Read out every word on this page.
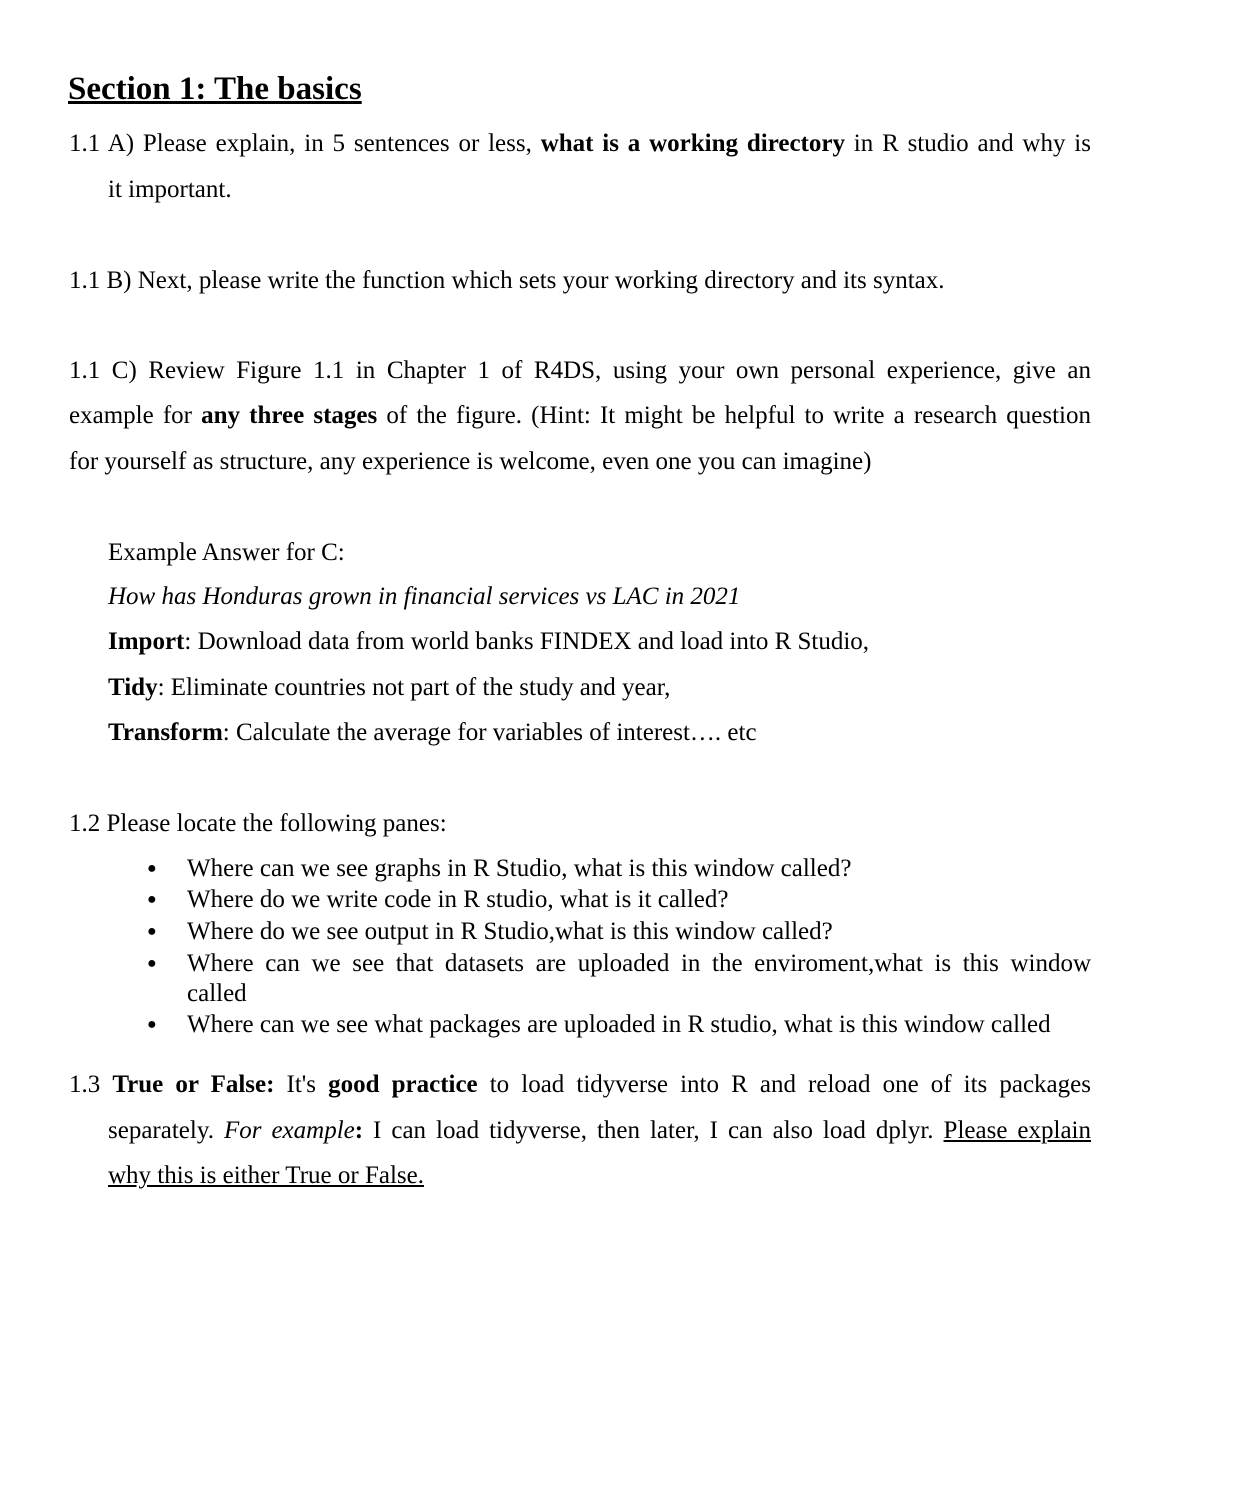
Section 1: The basics
1.1 A) Please explain, in 5 sentences or less, what is a working directory in R studio and why is
it important.
1.1 B) Next, please write the function which sets your working directory and its syntax.
1.1 C) Review Figure 1.1 in Chapter 1 of R4DS, using your own personal experience, give an
example for any three stages of the figure. (Hint: It might be helpful to write a research question
for yourself as structure, any experience is welcome, even one you can imagine)
Example Answer for C:
How has Honduras grown in financial services vs LAC in 2021
Import: Download data from world banks FINDEX and load into R Studio,
Tidy: Eliminate countries not part of the study and year,
Transform: Calculate the average for variables of interest…. etc
1.2 Please locate the following panes:
● Where can we see graphs in R Studio, what is this window called?
● Where do we write code in R studio, what is it called?
● Where do we see output in R Studio,what is this window called?
● Where can we see that datasets are uploaded in the enviroment,what is this window
called
● Where can we see what packages are uploaded in R studio, what is this window called
1.3 True or False: It's good practice to load tidyverse into R and reload one of its packages
separately. For example: I can load tidyverse, then later, I can also load dplyr. Please explain
why this is either True or False.
